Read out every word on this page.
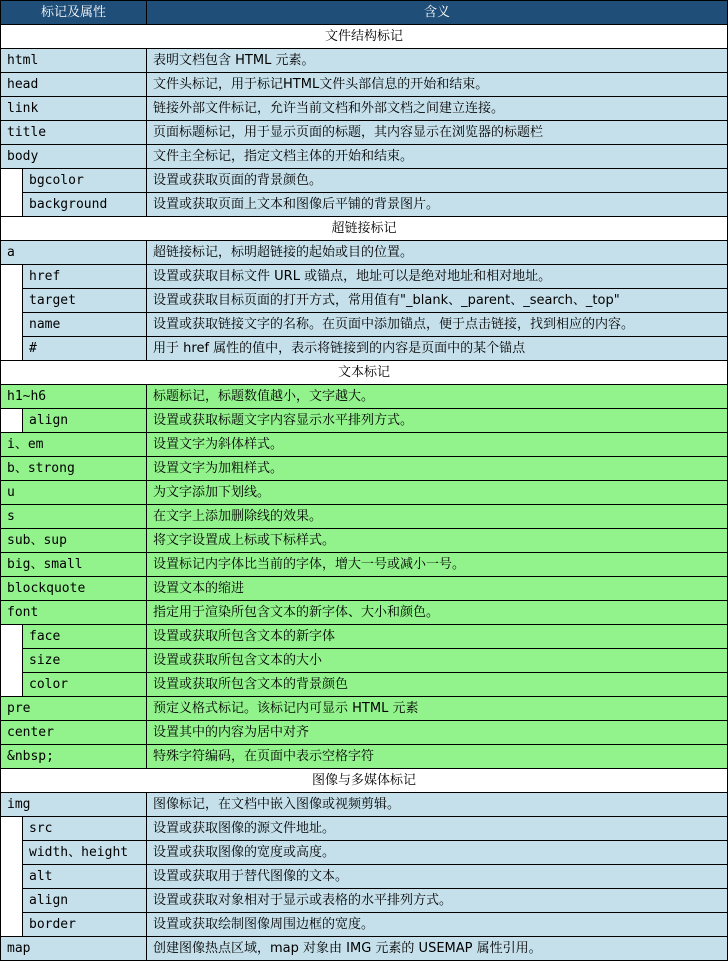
标记及属性		含义
文件结构标记		
html		表明文档包含 HTML 元素。
head		文件头标记，用于标记HTML文件头部信息的开始和结束。
link		链接外部文件标记，允许当前文档和外部文档之间建立连接。
title		页面标题标记，用于显示页面的标题，其内容显示在浏览器的标题栏
body		文件主全标记，指定文档主体的开始和结束。
	bgcolor	设置或获取页面的背景颜色。
	background	设置或获取页面上文本和图像后平铺的背景图片。
超链接标记		
a		超链接标记，标明超链接的起始或目的位置。
	href	设置或获取目标文件 URL 或锚点，地址可以是绝对地址和相对地址。
	target	设置或获取目标页面的打开方式，常用值有"_blank、_parent、_search、_top"
	name	设置或获取链接文字的名称。在页面中添加锚点，便于点击链接，找到相应的内容。
	#	用于 href 属性的值中，表示将链接到的内容是页面中的某个锚点
文本标记		
h1~h6		标题标记，标题数值越小，文字越大。
	align	设置或获取标题文字内容显示水平排列方式。
i、em		设置文字为斜体样式。
b、strong		设置文字为加粗样式。
u		为文字添加下划线。
s		在文字上添加删除线的效果。
sub、sup		将文字设置成上标或下标样式。
big、small		设置标记内字体比当前的字体，增大一号或减小一号。
blockquote		设置文本的缩进
font		指定用于渲染所包含文本的新字体、大小和颜色。
	face	设置或获取所包含文本的新字体
	size	设置或获取所包含文本的大小
	color	设置或获取所包含文本的背景颜色
pre		预定义格式标记。该标记内可显示 HTML 元素
center		设置其中的内容为居中对齐
&nbsp;		特殊字符编码，在页面中表示空格字符
图像与多媒体标记		
img		图像标记，在文档中嵌入图像或视频剪辑。
	src	设置或获取图像的源文件地址。
	width、height	设置或获取图像的宽度或高度。
	alt	设置或获取用于替代图像的文本。
	align	设置或获取对象相对于显示或表格的水平排列方式。
	border	设置或获取绘制图像周围边框的宽度。
map		创建图像热点区域，map 对象由 IMG 元素的 USEMAP 属性引用。
